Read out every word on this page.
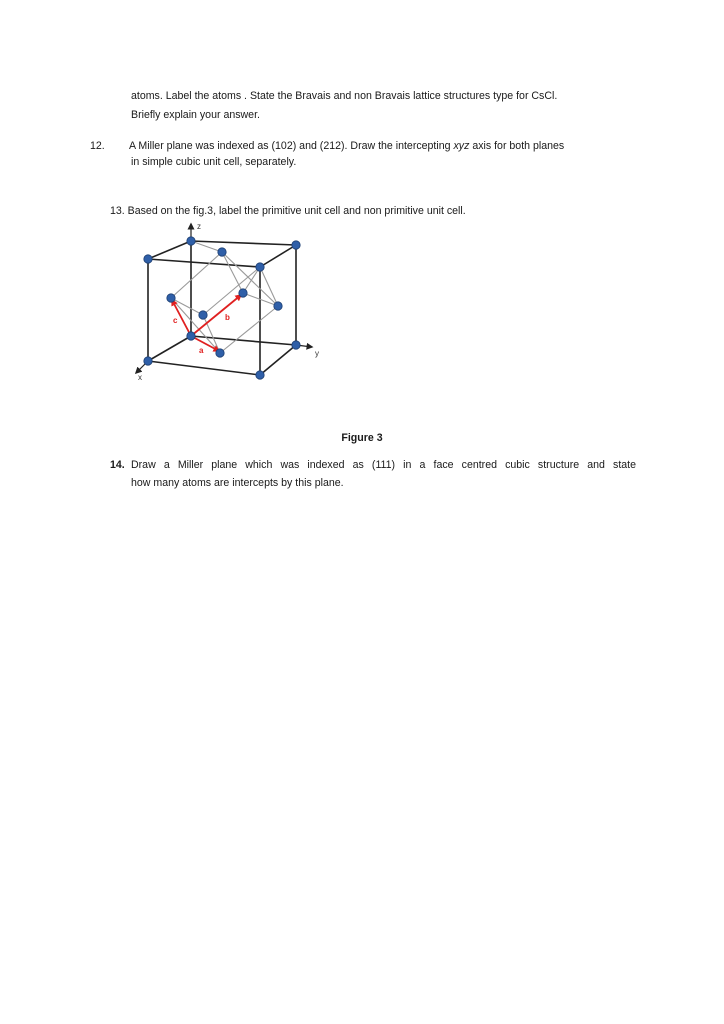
atoms. Label the atoms . State the Bravais and non Bravais lattice structures type for CsCl.
Briefly explain your answer.
12. A Miller plane was indexed as (102) and (212). Draw the intercepting xyz axis for both planes
in simple cubic unit cell, separately.
13. Based on the fig.3, label the primitive unit cell and non primitive unit cell.
z
y
x
a
b
c
Figure 3
14. Draw a Miller plane which was indexed as (111) in a face centred cubic structure and state
how many atoms are intercepts by this plane.
